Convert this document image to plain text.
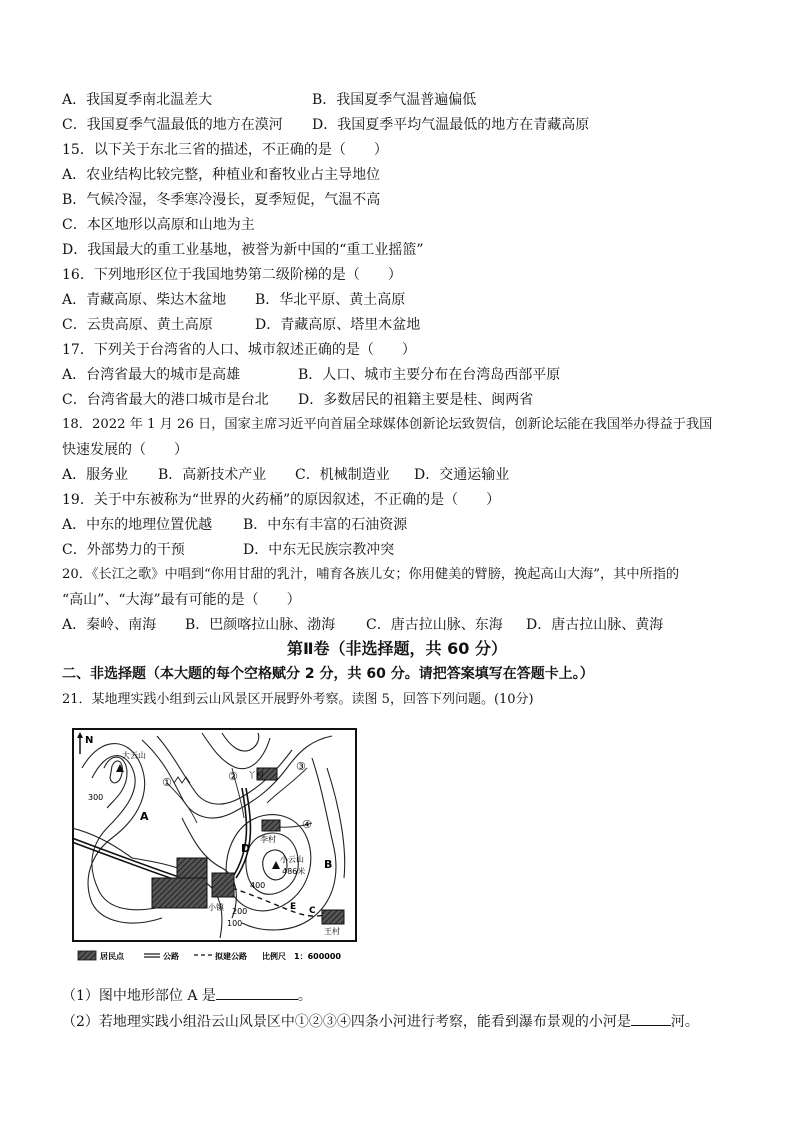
A．我国夏季南北温差大	B．我国夏季气温普遍偏低
C．我国夏季气温最低的地方在漠河 D．我国夏季平均气温最低的地方在青藏高原
15．以下关于东北三省的描述，不正确的是（　　）
A．农业结构比较完整，种植业和畜牧业占主导地位
B．气候冷湿，冬季寒冷漫长，夏季短促，气温不高
C．本区地形以高原和山地为主
D．我国最大的重工业基地，被誉为新中国的“重工业摇篮”
16．下列地形区位于我国地势第二级阶梯的是（　　）
A．青藏高原、柴达木盆地 B．华北平原、黄土高原
C．云贵高原、黄土高原	D．青藏高原、塔里木盆地
17．下列关于台湾省的人口、城市叙述正确的是（　　）
A．台湾省最大的城市是高雄	B．人口、城市主要分布在台湾岛西部平原
C．台湾省最大的港口城市是台北 D．多数居民的祖籍主要是桂、闽两省
18．2022 年 1 月 26 日，国家主席习近平向首届全球媒体创新论坛致贺信，创新论坛能在我国举办得益于我国
快速发展的（　　）
A．服务业 B．高新技术产业 C．机械制造业 D．交通运输业
19．关于中东被称为“世界的火药桶”的原因叙述，不正确的是（　　）
A．中东的地理位置优越 B．中东有丰富的石油资源
C．外部势力的干预	D．中东无民族宗教冲突
20．《长江之歌》中唱到“你用甘甜的乳汁，哺育各族儿女；你用健美的臂膀，挽起高山大海”，其中所指的
“高山”、“大海”最有可能的是（　　）
A．秦岭、南海 B．巴颜喀拉山脉、渤海 C．唐古拉山脉、东海 D．唐古拉山脉、黄海
第Ⅱ卷（非选择题，共 60 分）
二、非选择题（本大题的每个空格赋分 2 分，共 60 分。请把答案填写在答题卡上。）
21．某地理实践小组到云山风景区开展野外考察。读图 5，回答下列问题。(10分)
N
大云山
小云山
486米
300
400
200
100
A
B
C
D
E
①	②
③
④
丫村
李村
王村
小镇
居民点	公路	拟建公路 比例尺　1：600000
（1）图中地形部位 A 是	。
（2）若地理实践小组沿云山风景区中①②③④四条小河进行考察，能看到瀑布景观的小河是	河。
